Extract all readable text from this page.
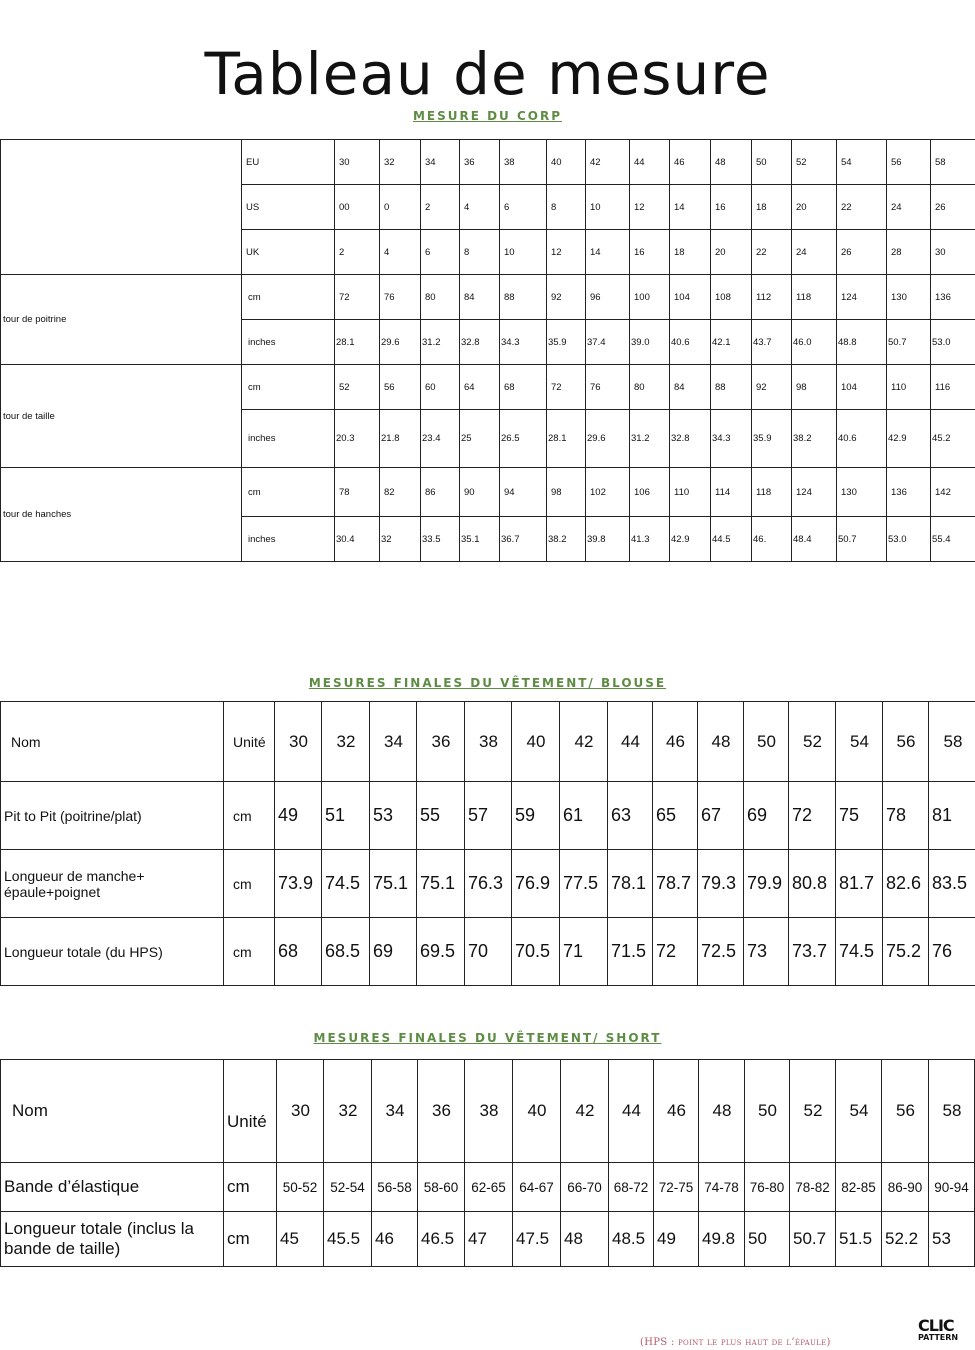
Tableau de mesure
MESURE DU CORP
	EU	30	32	34	36	38	40	42	44	46	48	50	52	54	56	58
	US	00	0	2	4	6	8	10	12	14	16	18	20	22	24	26
	UK	2	4	6	8	10	12	14	16	18	20	22	24	26	28	30
tour de poitrine	cm	72	76	80	84	88	92	96	100	104	108	112	118	124	130	136
	inches	28.1	29.6	31.2	32.8	34.3	35.9	37.4	39.0	40.6	42.1	43.7	46.0	48.8	50.7	53.0
tour de taille	cm	52	56	60	64	68	72	76	80	84	88	92	98	104	110	116
	inches	20.3	21.8	23.4	25	26.5	28.1	29.6	31.2	32.8	34.3	35.9	38.2	40.6	42.9	45.2
tour de hanches	cm	78	82	86	90	94	98	102	106	110	114	118	124	130	136	142
	inches	30.4	32	33.5	35.1	36.7	38.2	39.8	41.3	42.9	44.5	46.	48.4	50.7	53.0	55.4
MESURES FINALES DU VÊTEMENT/ BLOUSE
Nom	Unité	30	32	34	36	38	40	42	44	46	48	50	52	54	56	58
Pit to Pit (poitrine/plat)	cm	49	51	53	55	57	59	61	63	65	67	69	72	75	78	81
Longueur de manche+ épaule+poignet	cm	73.9	74.5	75.1	75.1	76.3	76.9	77.5	78.1	78.7	79.3	79.9	80.8	81.7	82.6	83.5
Longueur totale (du HPS)	cm	68	68.5	69	69.5	70	70.5	71	71.5	72	72.5	73	73.7	74.5	75.2	76
MESURES FINALES DU VÊTEMENT/ SHORT
Nom	Unité	30	32	34	36	38	40	42	44	46	48	50	52	54	56	58
Bande d’élastique	cm	50-52	52-54	56-58	58-60	62-65	64-67	66-70	68-72	72-75	74-78	76-80	78-82	82-85	86-90	90-94
Longueur totale (inclus la bande de taille)	cm	45	45.5	46	46.5	47	47.5	48	48.5	49	49.8	50	50.7	51.5	52.2	53
(HPS : point le plus haut de l’épaule)
CLIC
PATTERN
